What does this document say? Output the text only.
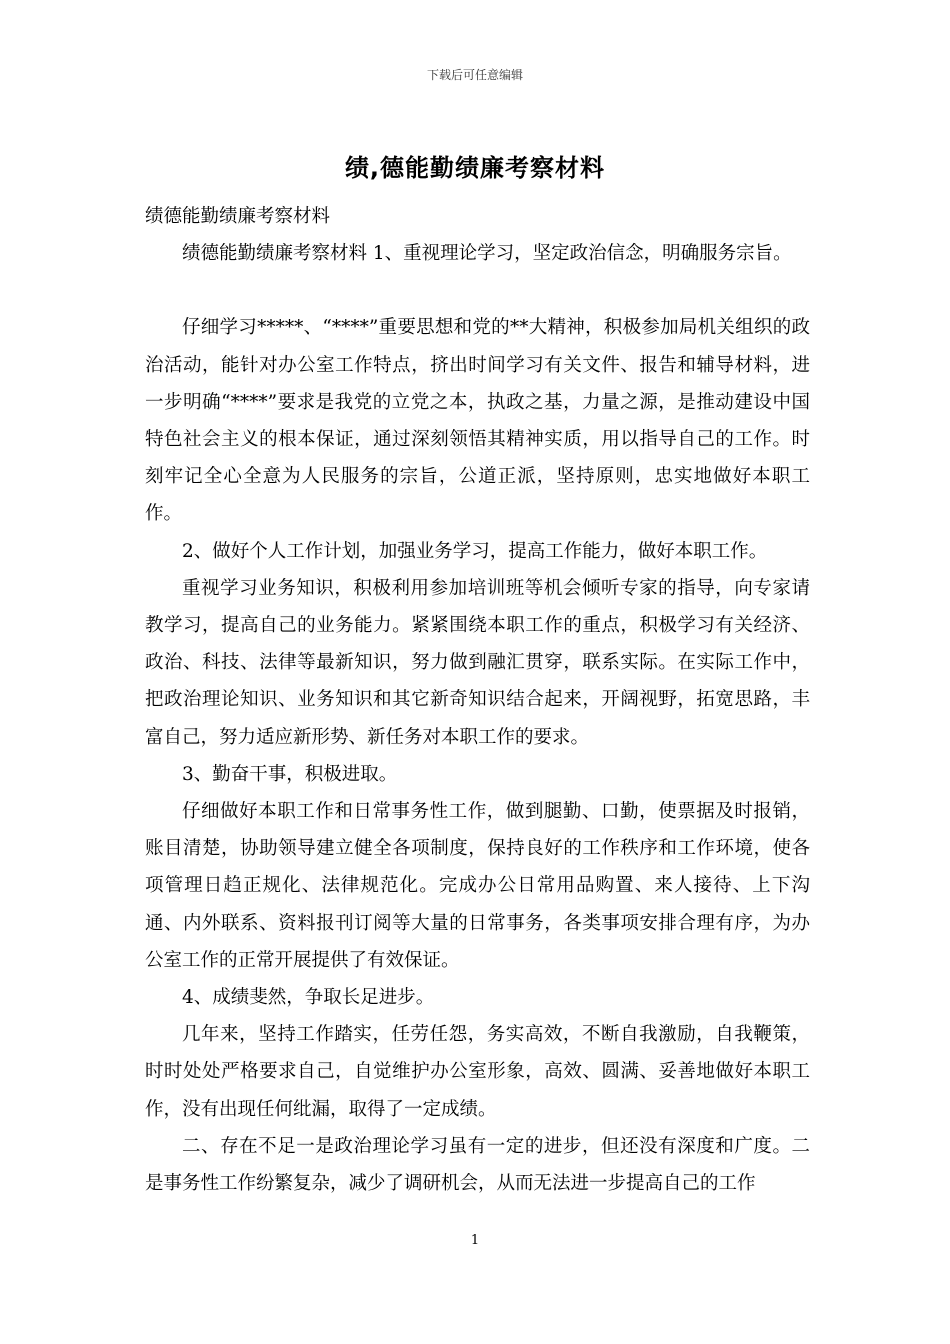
下载后可任意编辑
绩,德能勤绩廉考察材料

绩德能勤绩廉考察材料

绩德能勤绩廉考察材料 1、重视理论学习，坚定政治信念，明确服务宗旨。

仔细学习*****、“****”重要思想和党的**大精神，积极参加局机关组织的政治活动，能针对办公室工作特点，挤出时间学习有关文件、报告和辅导材料，进一步明确“****”要求是我党的立党之本，执政之基，力量之源，是推动建设中国特色社会主义的根本保证，通过深刻领悟其精神实质，用以指导自己的工作。时刻牢记全心全意为人民服务的宗旨，公道正派，坚持原则，忠实地做好本职工作。

2、做好个人工作计划，加强业务学习，提高工作能力，做好本职工作。

重视学习业务知识，积极利用参加培训班等机会倾听专家的指导，向专家请教学习，提高自己的业务能力。紧紧围绕本职工作的重点，积极学习有关经济、政治、科技、法律等最新知识，努力做到融汇贯穿，联系实际。在实际工作中，把政治理论知识、业务知识和其它新奇知识结合起来，开阔视野，拓宽思路，丰富自己，努力适应新形势、新任务对本职工作的要求。

3、勤奋干事，积极进取。

仔细做好本职工作和日常事务性工作，做到腿勤、口勤，使票据及时报销，账目清楚，协助领导建立健全各项制度，保持良好的工作秩序和工作环境，使各项管理日趋正规化、法律规范化。完成办公日常用品购置、来人接待、上下沟通、内外联系、资料报刊订阅等大量的日常事务，各类事项安排合理有序，为办公室工作的正常开展提供了有效保证。

4、成绩斐然，争取长足进步。

几年来，坚持工作踏实，任劳任怨，务实高效，不断自我激励，自我鞭策，时时处处严格要求自己，自觉维护办公室形象，高效、圆满、妥善地做好本职工作，没有出现任何纰漏，取得了一定成绩。

二、存在不足一是政治理论学习虽有一定的进步，但还没有深度和广度。二是事务性工作纷繁复杂，减少了调研机会，从而无法进一步提高自己的工作

1
